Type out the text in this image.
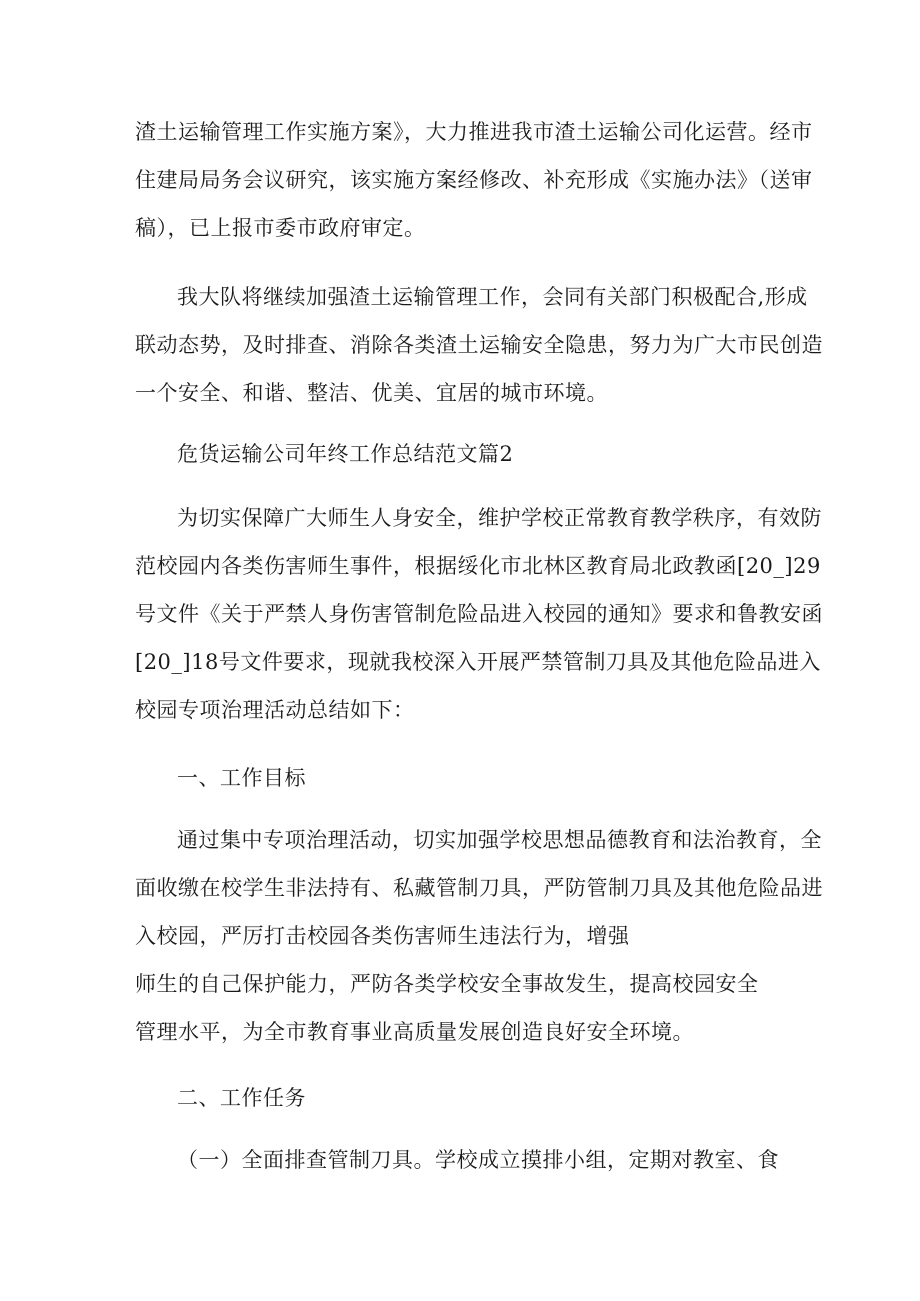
渣土运输管理工作实施方案》，大力推进我市渣土运输公司化运营。经市
住建局局务会议研究，该实施方案经修改、补充形成《实施办法》（送审
稿），已上报市委市政府审定。
我大队将继续加强渣土运输管理工作，会同有关部门积极配合,形成
联动态势，及时排查、消除各类渣土运输安全隐患，努力为广大市民创造
一个安全、和谐、整洁、优美、宜居的城市环境。
危货运输公司年终工作总结范文篇2
为切实保障广大师生人身安全，维护学校正常教育教学秩序，有效防
范校园内各类伤害师生事件，根据绥化市北林区教育局北政教函[20_]29
号文件《关于严禁人身伤害管制危险品进入校园的通知》要求和鲁教安函
[20_]18号文件要求，现就我校深入开展严禁管制刀具及其他危险品进入
校园专项治理活动总结如下：
一、工作目标
通过集中专项治理活动，切实加强学校思想品德教育和法治教育，全
面收缴在校学生非法持有、私藏管制刀具，严防管制刀具及其他危险品进
入校园，严厉打击校园各类伤害师生违法行为，增强
师生的自己保护能力，严防各类学校安全事故发生，提高校园安全
管理水平，为全市教育事业高质量发展创造良好安全环境。
二、工作任务
（一）全面排查管制刀具。学校成立摸排小组，定期对教室、食
